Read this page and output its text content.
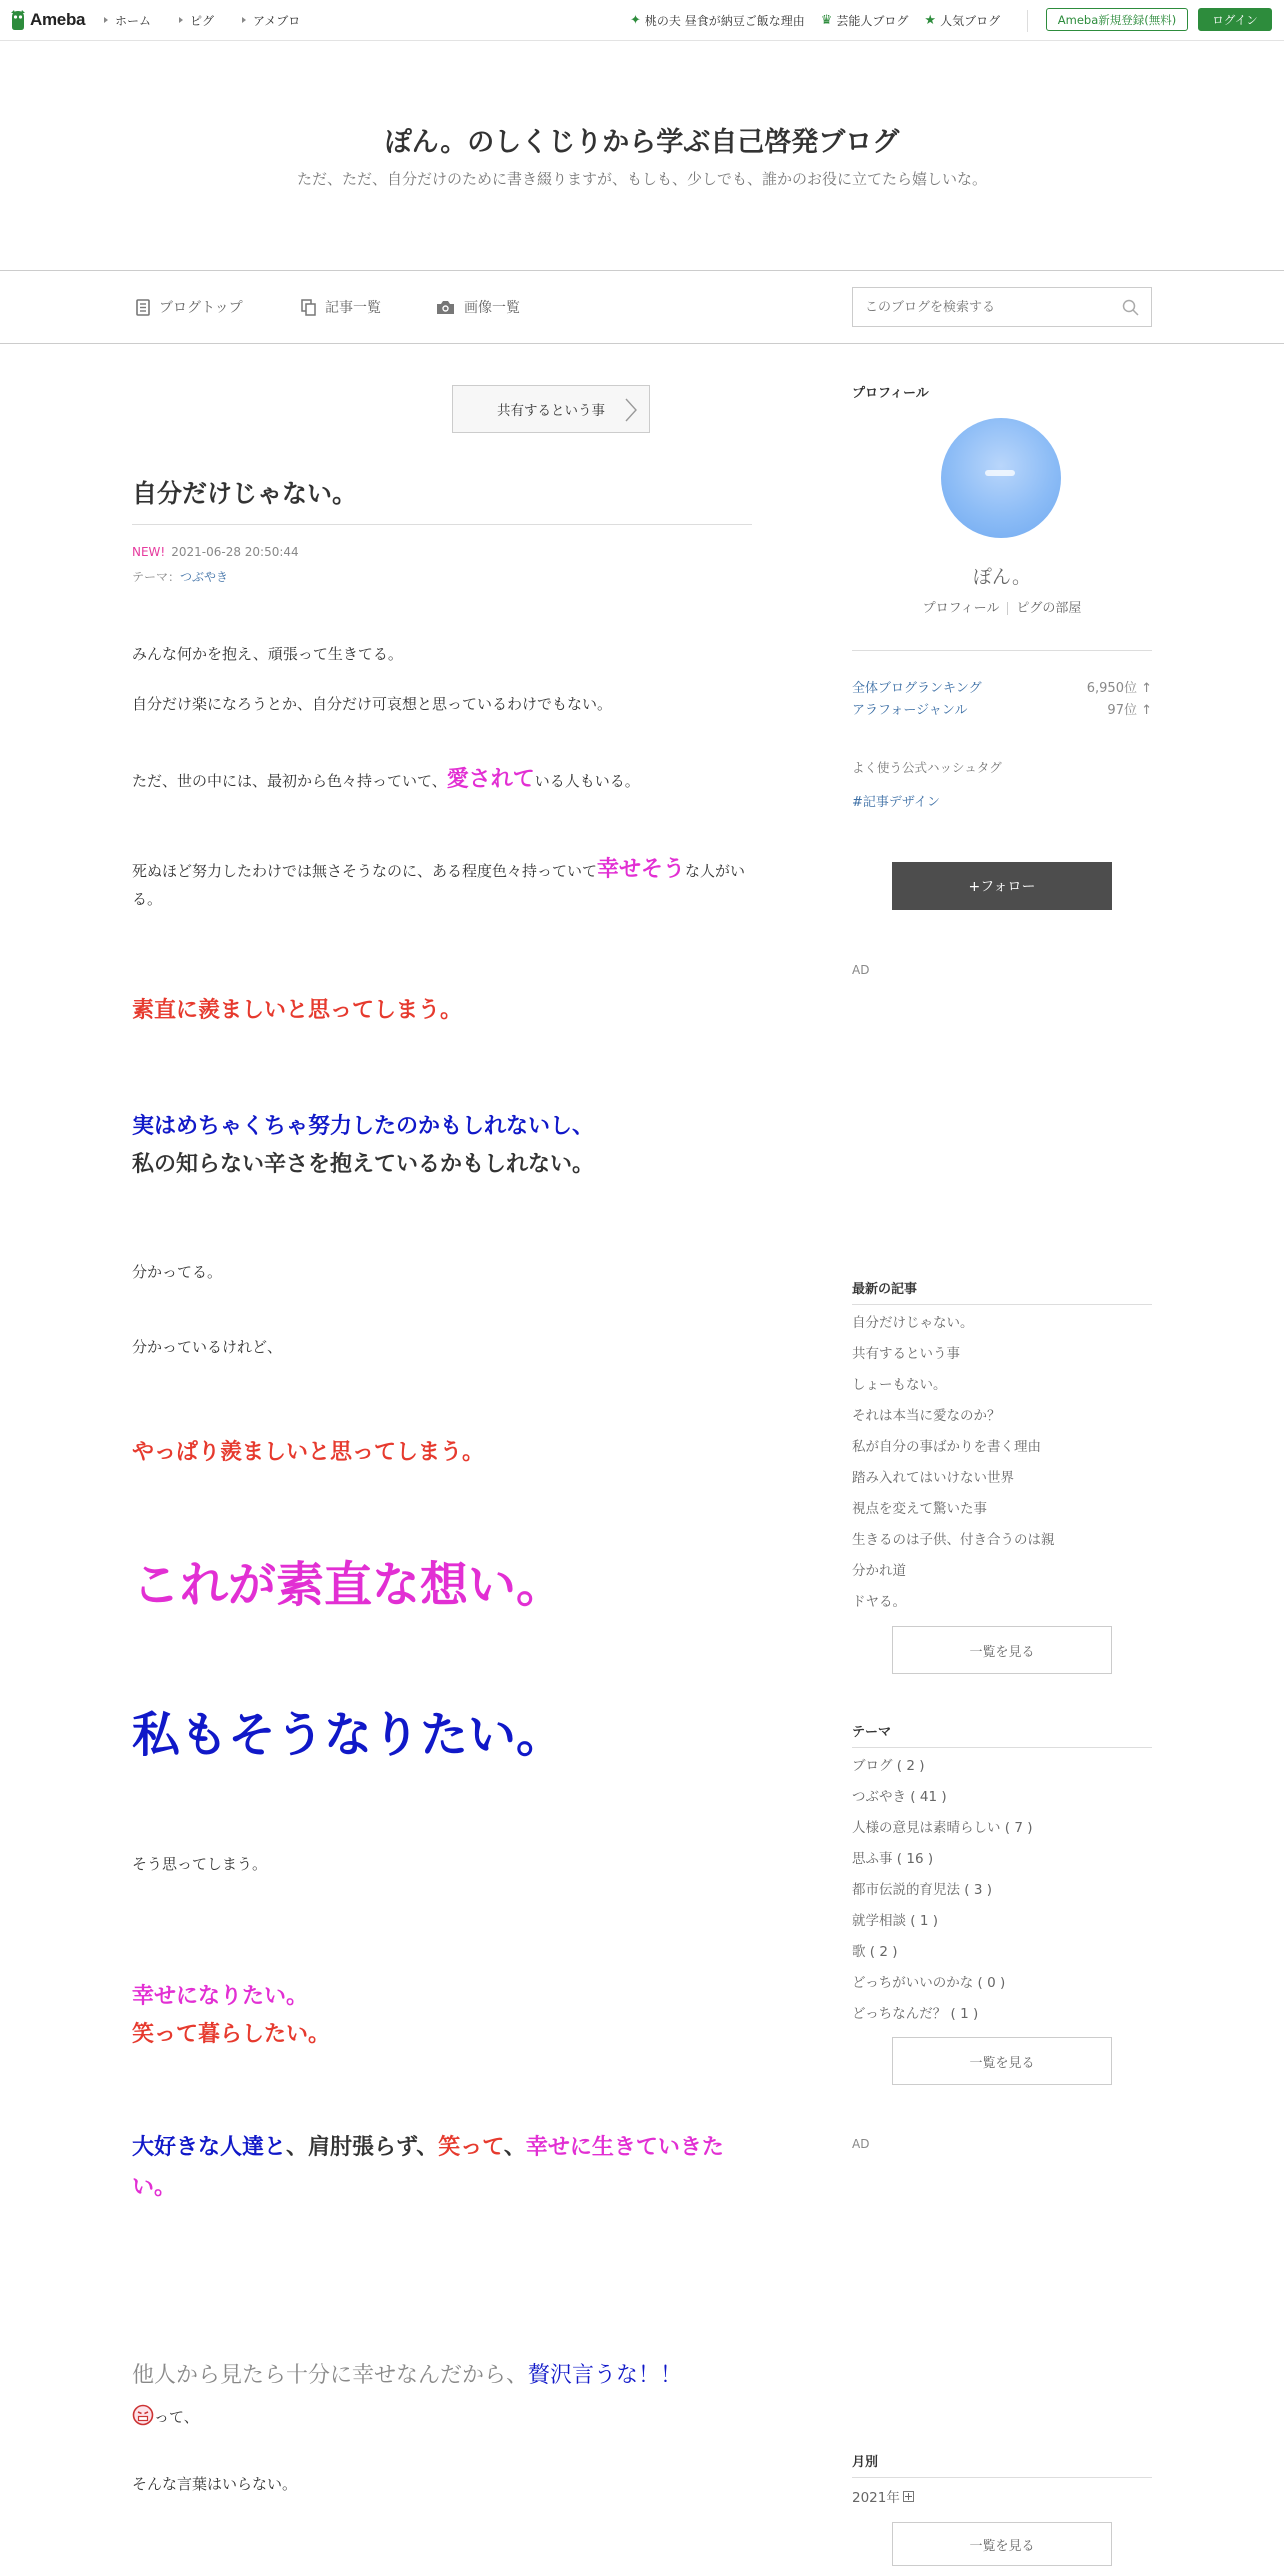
Ameba ホーム	ピグ	アメブロ	✦ 桃の夫 昼食が納豆ご飯な理由 ♛ 芸能人ブログ ★ 人気ブログ	Ameba新規登録(無料)	ログイン
ぽん。のしくじりから学ぶ自己啓発ブログ
ただ、ただ、自分だけのために書き綴りますが、もしも、少しでも、誰かのお役に立てたら嬉しいな。
ブログトップ	記事一覧	画像一覧
このブログを検索する
共有するという事
自分だけじゃない。
NEW! 2021-06-28 20:50:44
テーマ：つぶやき
みんな何かを抱え、頑張って生きてる。
自分だけ楽になろうとか、自分だけ可哀想と思っているわけでもない。
ただ、世の中には、最初から色々持っていて、愛されている人もいる。
死ぬほど努力したわけでは無さそうなのに、ある程度色々持っていて幸せそうな人がいる。
素直に羨ましいと思ってしまう。
実はめちゃくちゃ努力したのかもしれないし、
私の知らない辛さを抱えているかもしれない。
分かってる。
分かっているけれど、
やっぱり羨ましいと思ってしまう。
これが素直な想い。
私もそうなりたい。
そう思ってしまう。
幸せになりたい。
笑って暮らしたい。
大好きな人達と、肩肘張らず、笑って、幸せに生きていきたい。
他人から見たら十分に幸せなんだから、贅沢言うな！！
って、
そんな言葉はいらない。
プロフィール
ぽん。
プロフィール ピグの部屋
全体ブログランキング	6,950位 ↑
アラフォージャンル	97位 ↑
よく使う公式ハッシュタグ
#記事デザイン
+フォロー
AD
最新の記事
自分だけじゃない。
共有するという事
しょーもない。
それは本当に愛なのか？
私が自分の事ばかりを書く理由
踏み入れてはいけない世界
視点を変えて驚いた事
生きるのは子供、付き合うのは親
分かれ道
ドヤる。
一覧を見る
テーマ
ブログ ( 2 )
つぶやき ( 41 )
人様の意見は素晴らしい ( 7 )
思ふ事 ( 16 )
都市伝説的育児法 ( 3 )
就学相談 ( 1 )
歌 ( 2 )
どっちがいいのかな ( 0 )
どっちなんだ？ ( 1 )
一覧を見る
AD
月別
2021年
一覧を見る
